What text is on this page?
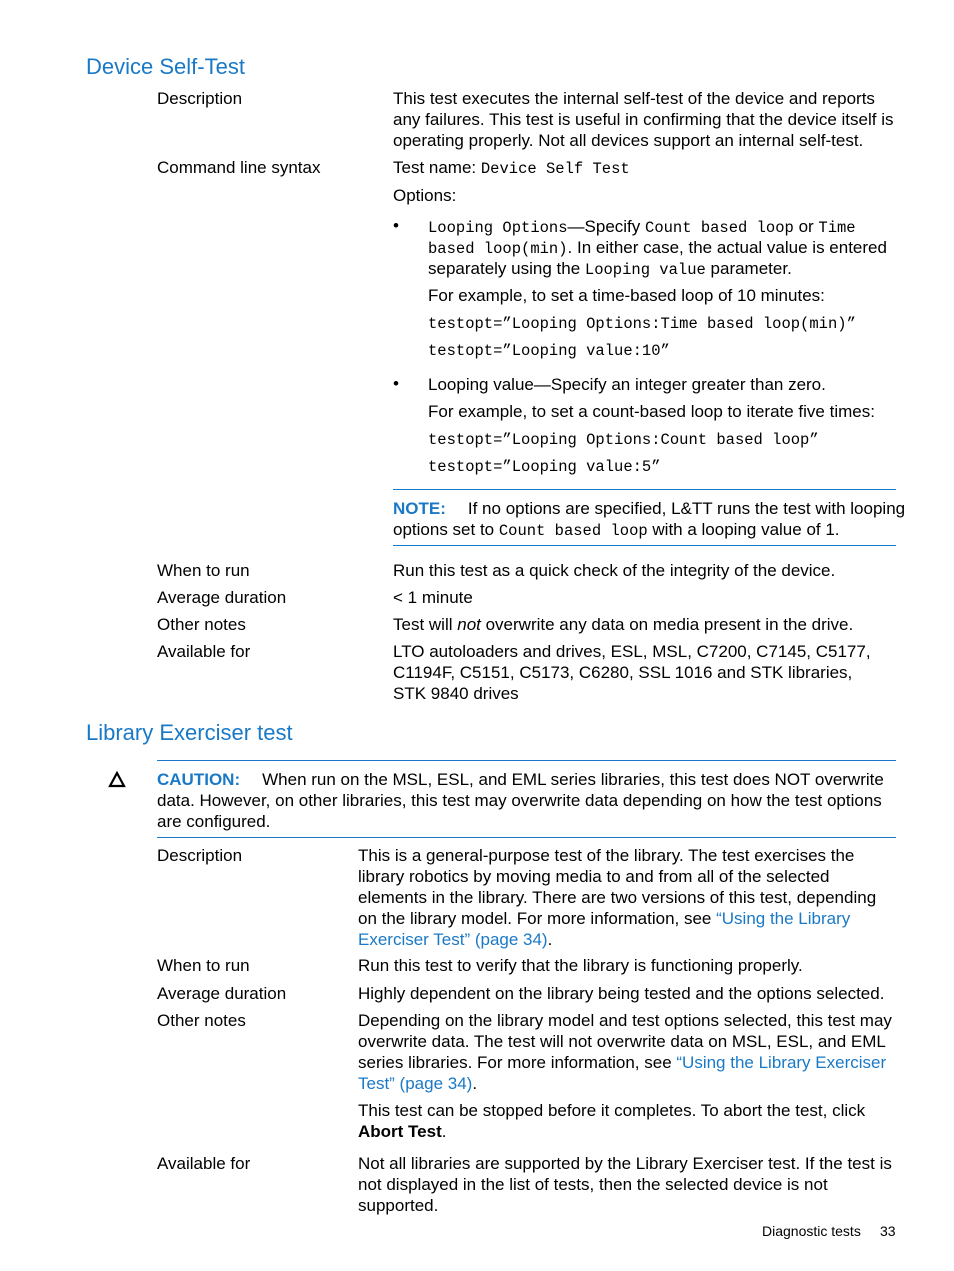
Device Self-Test
Description	This test executes the internal self-test of the device and reports any failures. This test is useful in confirming that the device itself is operating properly. Not all devices support an internal self-test.
Command line syntax	Test name: Device Self Test
Options:
• Looping Options—Specify Count based loop or Time
based loop(min). In either case, the actual value is entered
separately using the Looping value parameter.
For example, to set a time-based loop of 10 minutes:
testopt=”Looping Options:Time based loop(min)”
testopt=”Looping value:10”
• Looping value—Specify an integer greater than zero.
For example, to set a count-based loop to iterate five times:
testopt=”Looping Options:Count based loop”
testopt=”Looping value:5”
NOTE: If no options are specified, L&TT runs the test with looping
options set to Count based loop with a looping value of 1.
When to run	Run this test as a quick check of the integrity of the device.
Average duration	< 1 minute
Other notes	Test will not overwrite any data on media present in the drive.
Available for	LTO autoloaders and drives, ESL, MSL, C7200, C7145, C5177,
C1194F, C5151, C5173, C6280, SSL 1016 and STK libraries,
STK 9840 drives
Library Exerciser test
CAUTION: When run on the MSL, ESL, and EML series libraries, this test does NOT overwrite
data. However, on other libraries, this test may overwrite data depending on how the test options
are configured.
Description	This is a general-purpose test of the library. The test exercises the library robotics by moving media to and from all of the selected elements in the library. There are two versions of this test, depending on the library model. For more information, see “Using the Library Exerciser Test” (page 34).
When to run	Run this test to verify that the library is functioning properly.
Average duration	Highly dependent on the library being tested and the options selected.
Other notes	Depending on the library model and test options selected, this test may overwrite data. The test will not overwrite data on MSL, ESL, and EML series libraries. For more information, see “Using the Library Exerciser Test” (page 34).
This test can be stopped before it completes. To abort the test, click Abort Test.
Available for	Not all libraries are supported by the Library Exerciser test. If the test is not displayed in the list of tests, then the selected device is not supported.
Diagnostic tests 33
